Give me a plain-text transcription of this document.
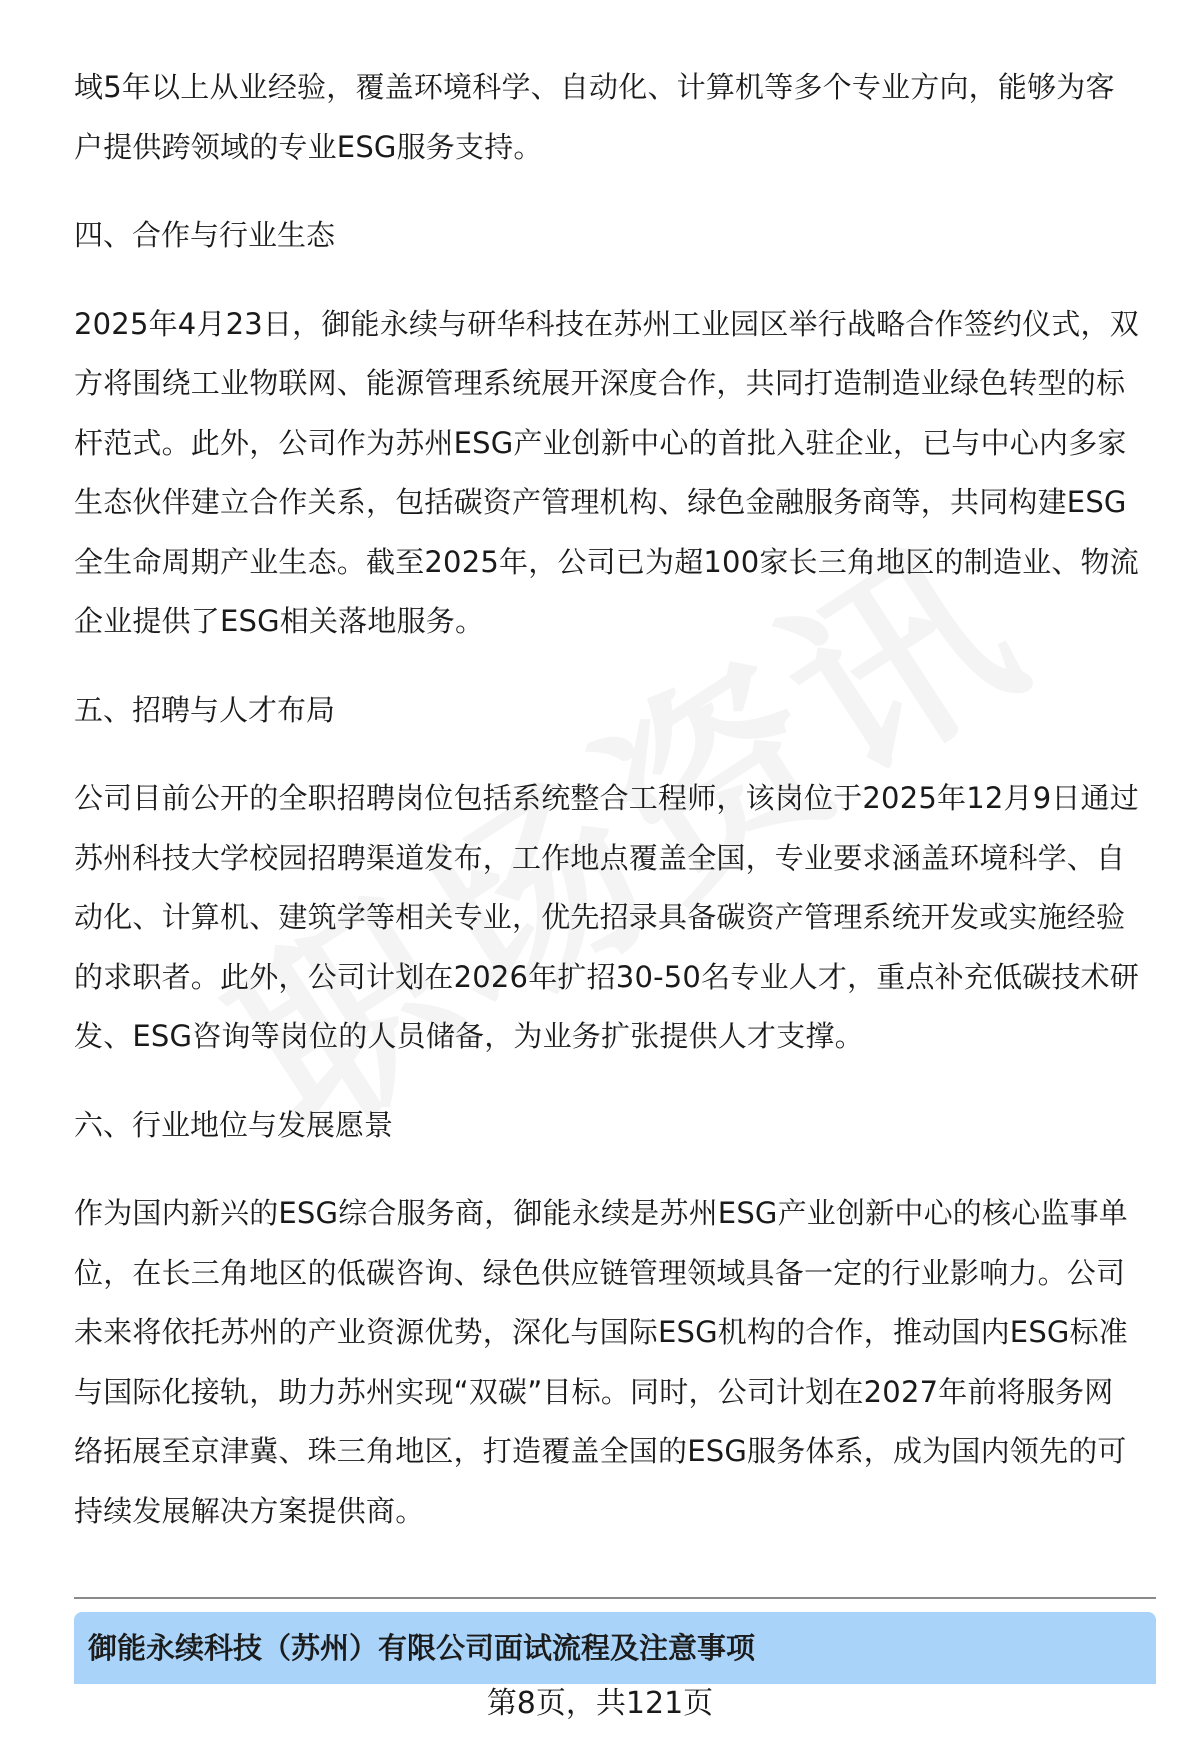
域5年以上从业经验，覆盖环境科学、自动化、计算机等多个专业方向，能够为客

户提供跨领域的专业ESG服务支持。

四、合作与行业生态

2025年4月23日，御能永续与研华科技在苏州工业园区举行战略合作签约仪式，双

方将围绕工业物联网、能源管理系统展开深度合作，共同打造制造业绿色转型的标

杆范式。此外，公司作为苏州ESG产业创新中心的首批入驻企业，已与中心内多家

生态伙伴建立合作关系，包括碳资产管理机构、绿色金融服务商等，共同构建ESG

全生命周期产业生态。截至2025年，公司已为超100家长三角地区的制造业、物流

企业提供了ESG相关落地服务。

五、招聘与人才布局

公司目前公开的全职招聘岗位包括系统整合工程师，该岗位于2025年12月9日通过

苏州科技大学校园招聘渠道发布，工作地点覆盖全国，专业要求涵盖环境科学、自

动化、计算机、建筑学等相关专业，优先招录具备碳资产管理系统开发或实施经验

的求职者。此外，公司计划在2026年扩招30-50名专业人才，重点补充低碳技术研

发、ESG咨询等岗位的人员储备，为业务扩张提供人才支撑。

六、行业地位与发展愿景

作为国内新兴的ESG综合服务商，御能永续是苏州ESG产业创新中心的核心监事单

位，在长三角地区的低碳咨询、绿色供应链管理领域具备一定的行业影响力。公司

未来将依托苏州的产业资源优势，深化与国际ESG机构的合作，推动国内ESG标准

与国际化接轨，助力苏州实现“双碳”目标。同时，公司计划在2027年前将服务网

络拓展至京津冀、珠三角地区，打造覆盖全国的ESG服务体系，成为国内领先的可

持续发展解决方案提供商。

御能永续科技（苏州）有限公司面试流程及注意事项
第8页，共121页
